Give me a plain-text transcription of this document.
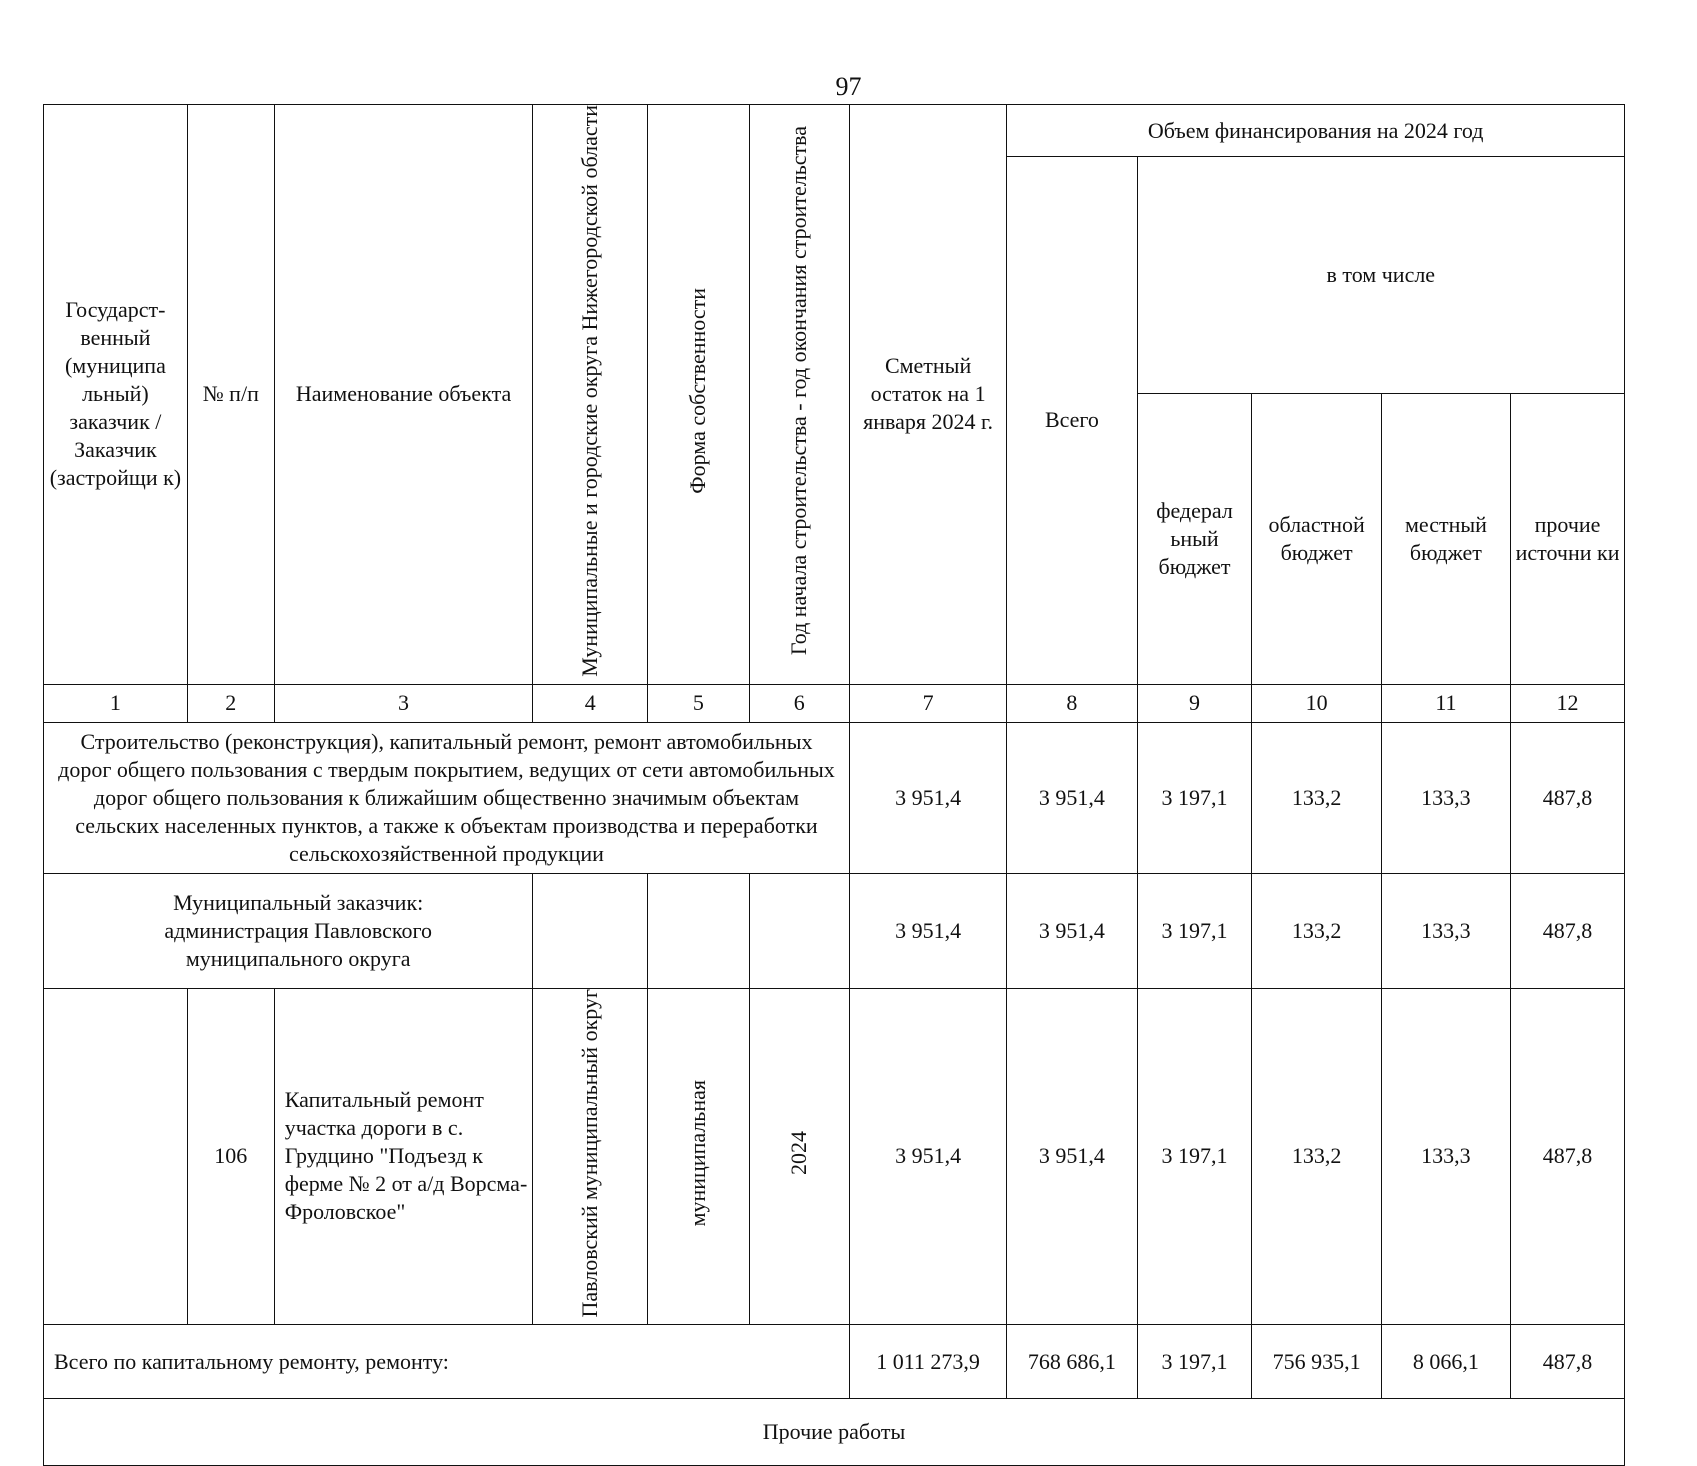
97
Государст-венный (муниципа льный) заказчик / Заказчик (застройщи к)	№ п/п	Наименование объекта	Муниципальные и городские округа Нижегородской области	Форма собственности	Год начала строительства - год окончания строительства	Сметный остаток на 1 января 2024 г.	Объем финансирования на 2024 год				
							Всего	в том числе			
								федерал ьный бюджет	областной бюджет	местный бюджет	прочие источни ки
1	2	3	4	5	6	7	8	9	10	11	12
Строительство (реконструкция), капитальный ремонт, ремонт автомобильных дорог общего пользования с твердым покрытием, ведущих от сети автомобильных дорог общего пользования к ближайшим общественно значимым объектам сельских населенных пунктов, а также к объектам производства и переработки сельскохозяйственной продукции						3 951,4	3 951,4	3 197,1	133,2	133,3	487,8
Муниципальный заказчик: администрация Павловского муниципального округа						3 951,4	3 951,4	3 197,1	133,2	133,3	487,8
	106	Капитальный ремонт участка дороги в с. Грудцино "Подъезд к ферме № 2 от а/д Ворсма-Фроловское"	Павловский муниципальный округ	муниципальная	2024	3 951,4	3 951,4	3 197,1	133,2	133,3	487,8
Всего по капитальному ремонту, ремонту:						1 011 273,9	768 686,1	3 197,1	756 935,1	8 066,1	487,8
Прочие работы											
